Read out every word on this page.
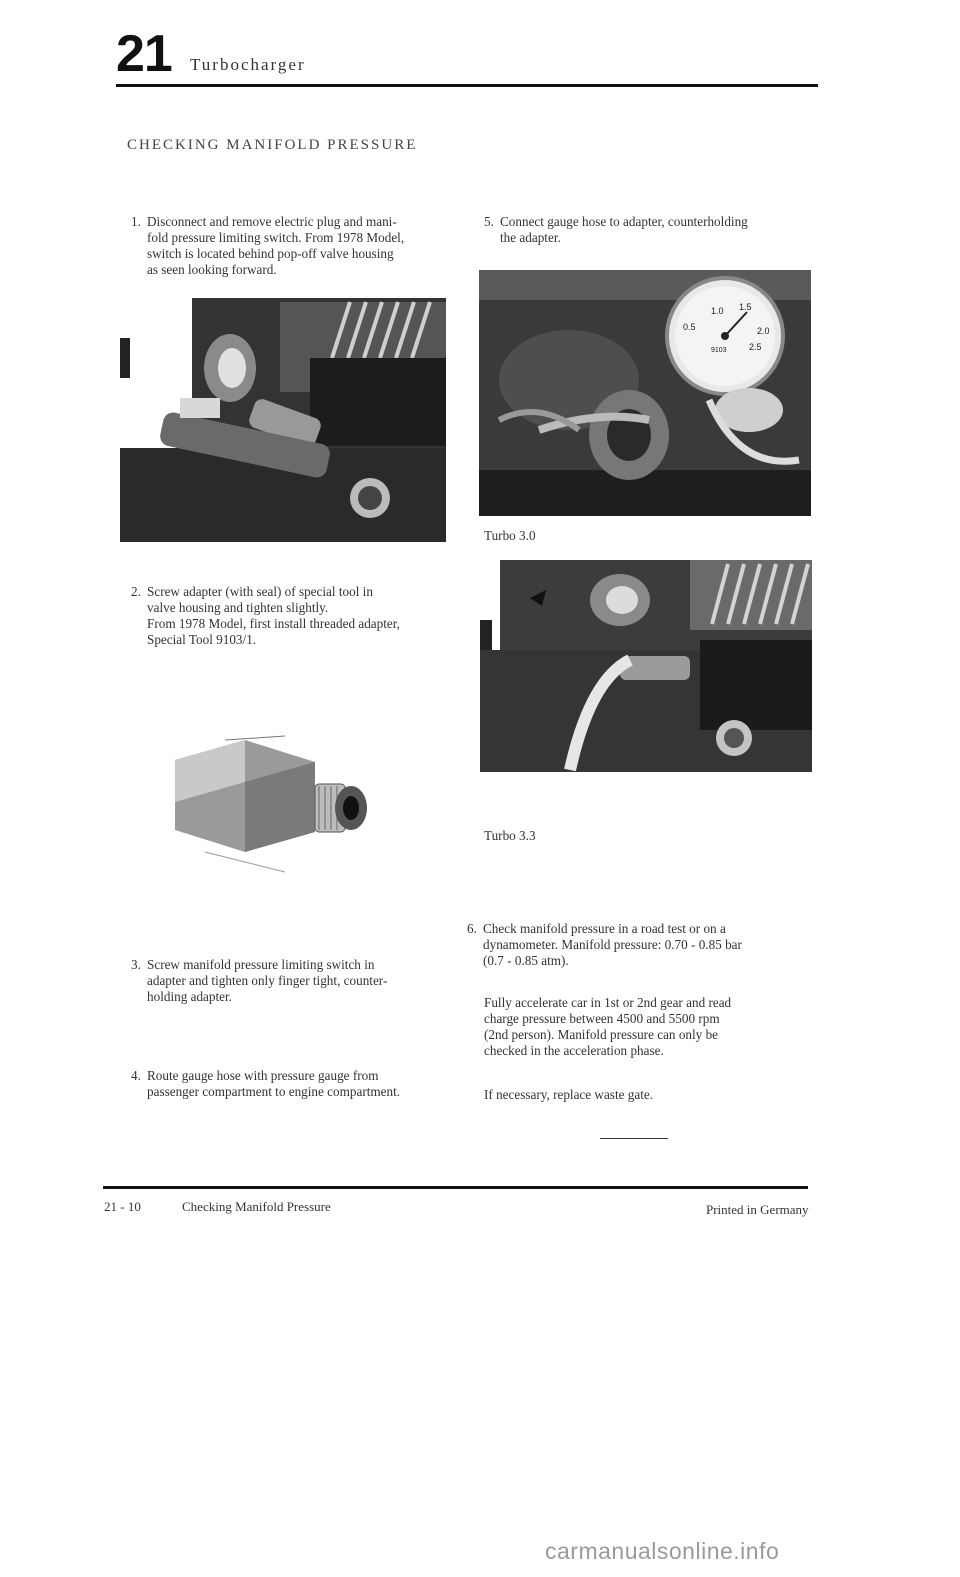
21 Turbocharger
CHECKING MANIFOLD PRESSURE
1. Disconnect and remove electric plug and mani-
fold pressure limiting switch. From 1978 Model,
switch is located behind pop-off valve housing
as seen looking forward.
2. Screw adapter (with seal) of special tool in
valve housing and tighten slightly.
From 1978 Model, first install threaded adapter,
Special Tool 9103/1.
3. Screw manifold pressure limiting switch in
adapter and tighten only finger tight, counter-
holding adapter.
4. Route gauge hose with pressure gauge from
passenger compartment to engine compartment.
5. Connect gauge hose to adapter, counterholding
the adapter.
1.0 1.5
0.5	2.0
2.5
9103
Turbo 3.0
Turbo 3.3
6. Check manifold pressure in a road test or on a
dynamometer. Manifold pressure: 0.70 - 0.85 bar
(0.7 - 0.85 atm).
Fully accelerate car in 1st or 2nd gear and read
charge pressure between 4500 and 5500 rpm
(2nd person). Manifold pressure can only be
checked in the acceleration phase.
If necessary, replace waste gate.
21 - 10	Checking Manifold Pressure	Printed in Germany
carmanualsonline.info
